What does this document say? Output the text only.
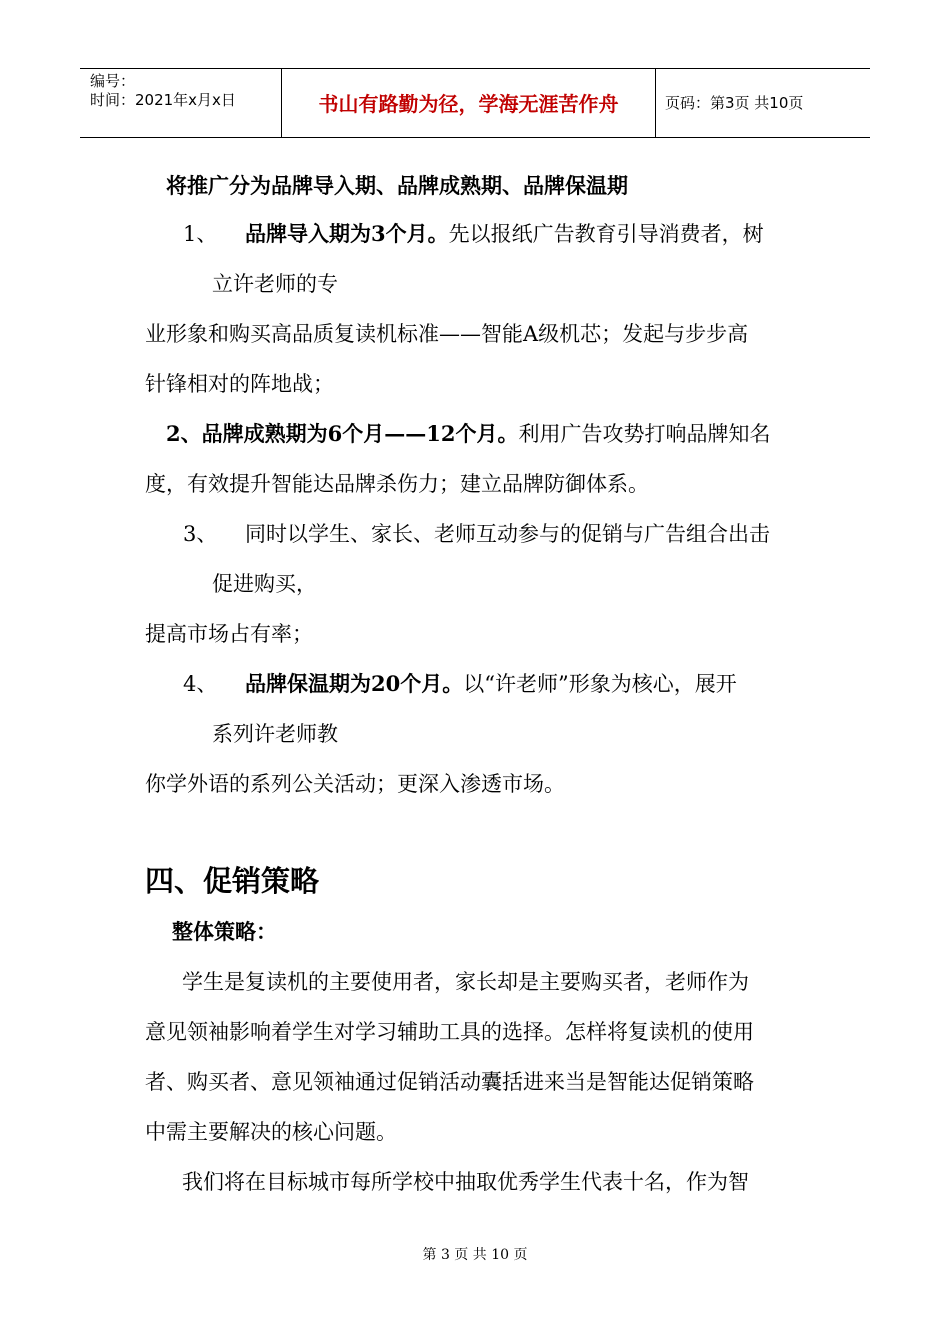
编号：
时间：2021年x月x日	书山有路勤为径，学海无涯苦作舟	页码：第3页 共10页
将推广分为品牌导入期、品牌成熟期、品牌保温期
1、 品牌导入期为3个月。先以报纸广告教育引导消费者，树
立许老师的专
业形象和购买高品质复读机标准——智能A级机芯；发起与步步高
针锋相对的阵地战；
2、品牌成熟期为6个月——12个月。利用广告攻势打响品牌知名
度，有效提升智能达品牌杀伤力；建立品牌防御体系。
3、 同时以学生、家长、老师互动参与的促销与广告组合出击
促进购买，
提高市场占有率；
4、 品牌保温期为20个月。以“许老师”形象为核心，展开
系列许老师教
你学外语的系列公关活动；更深入渗透市场。
四、促销策略
整体策略：
学生是复读机的主要使用者，家长却是主要购买者，老师作为
意见领袖影响着学生对学习辅助工具的选择。怎样将复读机的使用
者、购买者、意见领袖通过促销活动囊括进来当是智能达促销策略
中需主要解决的核心问题。
我们将在目标城市每所学校中抽取优秀学生代表十名，作为智
第 3 页 共 10 页
